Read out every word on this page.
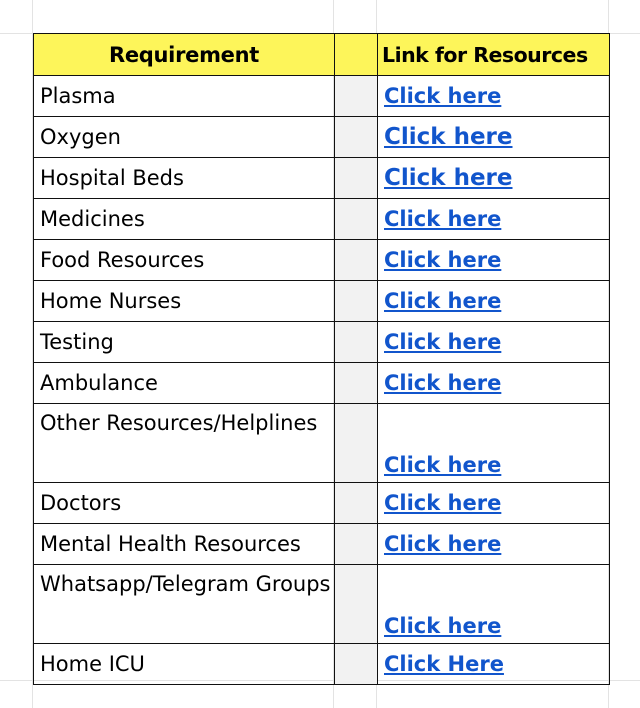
Requirement		Link for Resources
Plasma		Click here
Oxygen		Click here
Hospital Beds		Click here
Medicines		Click here
Food Resources		Click here
Home Nurses		Click here
Testing		Click here
Ambulance		Click here
Other Resources/Helplines		Click here
Doctors		Click here
Mental Health Resources		Click here
Whatsapp/Telegram Groups		Click here
Home ICU		Click Here
